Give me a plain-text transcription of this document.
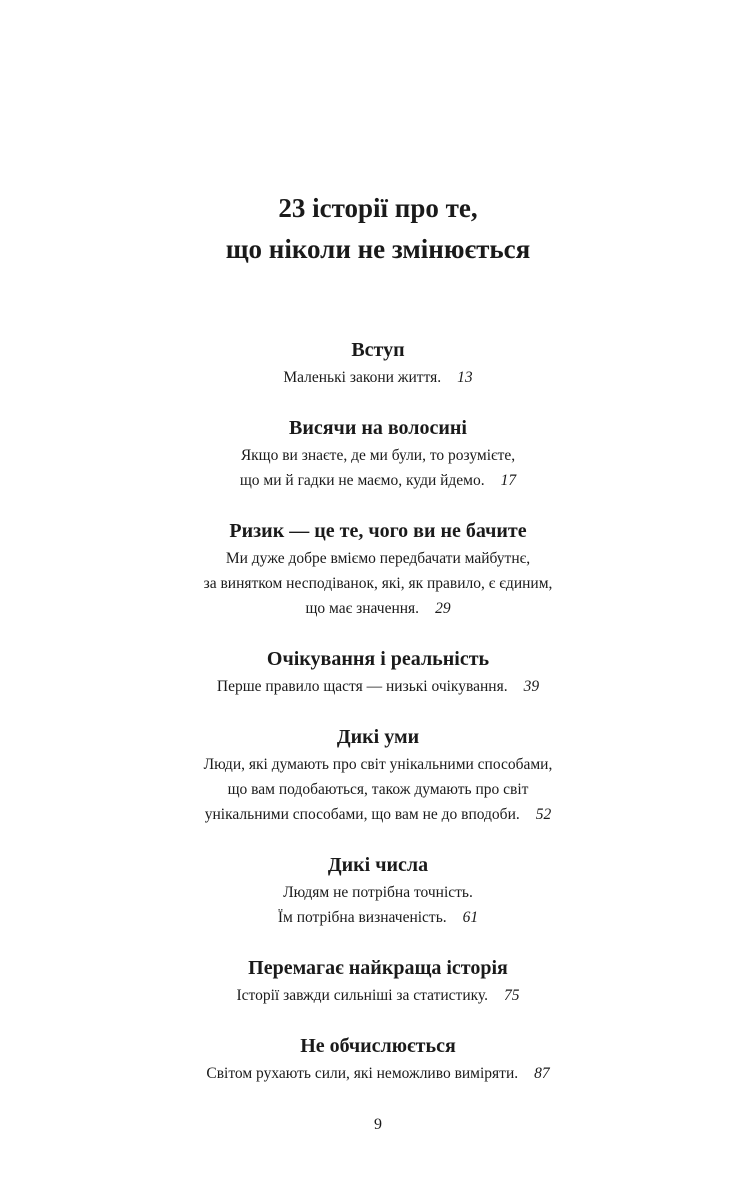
23 історії про те,
що ніколи не змінюється
Вступ
Маленькі закони життя. 13
Висячи на волосині
Якщо ви знаєте, де ми були, то розумієте,
що ми й гадки не маємо, куди йдемо. 17
Ризик — це те, чого ви не бачите
Ми дуже добре вміємо передбачати майбутнє,
за винятком несподіванок, які, як правило, є єдиним,
що має значення. 29
Очікування і реальність
Перше правило щастя — низькі очікування. 39
Дикі уми
Люди, які думають про світ унікальними способами,
що вам подобаються, також думають про світ
унікальними способами, що вам не до вподоби. 52
Дикі числа
Людям не потрібна точність.
Їм потрібна визначеність. 61
Перемагає найкраща історія
Історії завжди сильніші за статистику. 75
Не обчислюється
Світом рухають сили, які неможливо виміряти. 87
9
